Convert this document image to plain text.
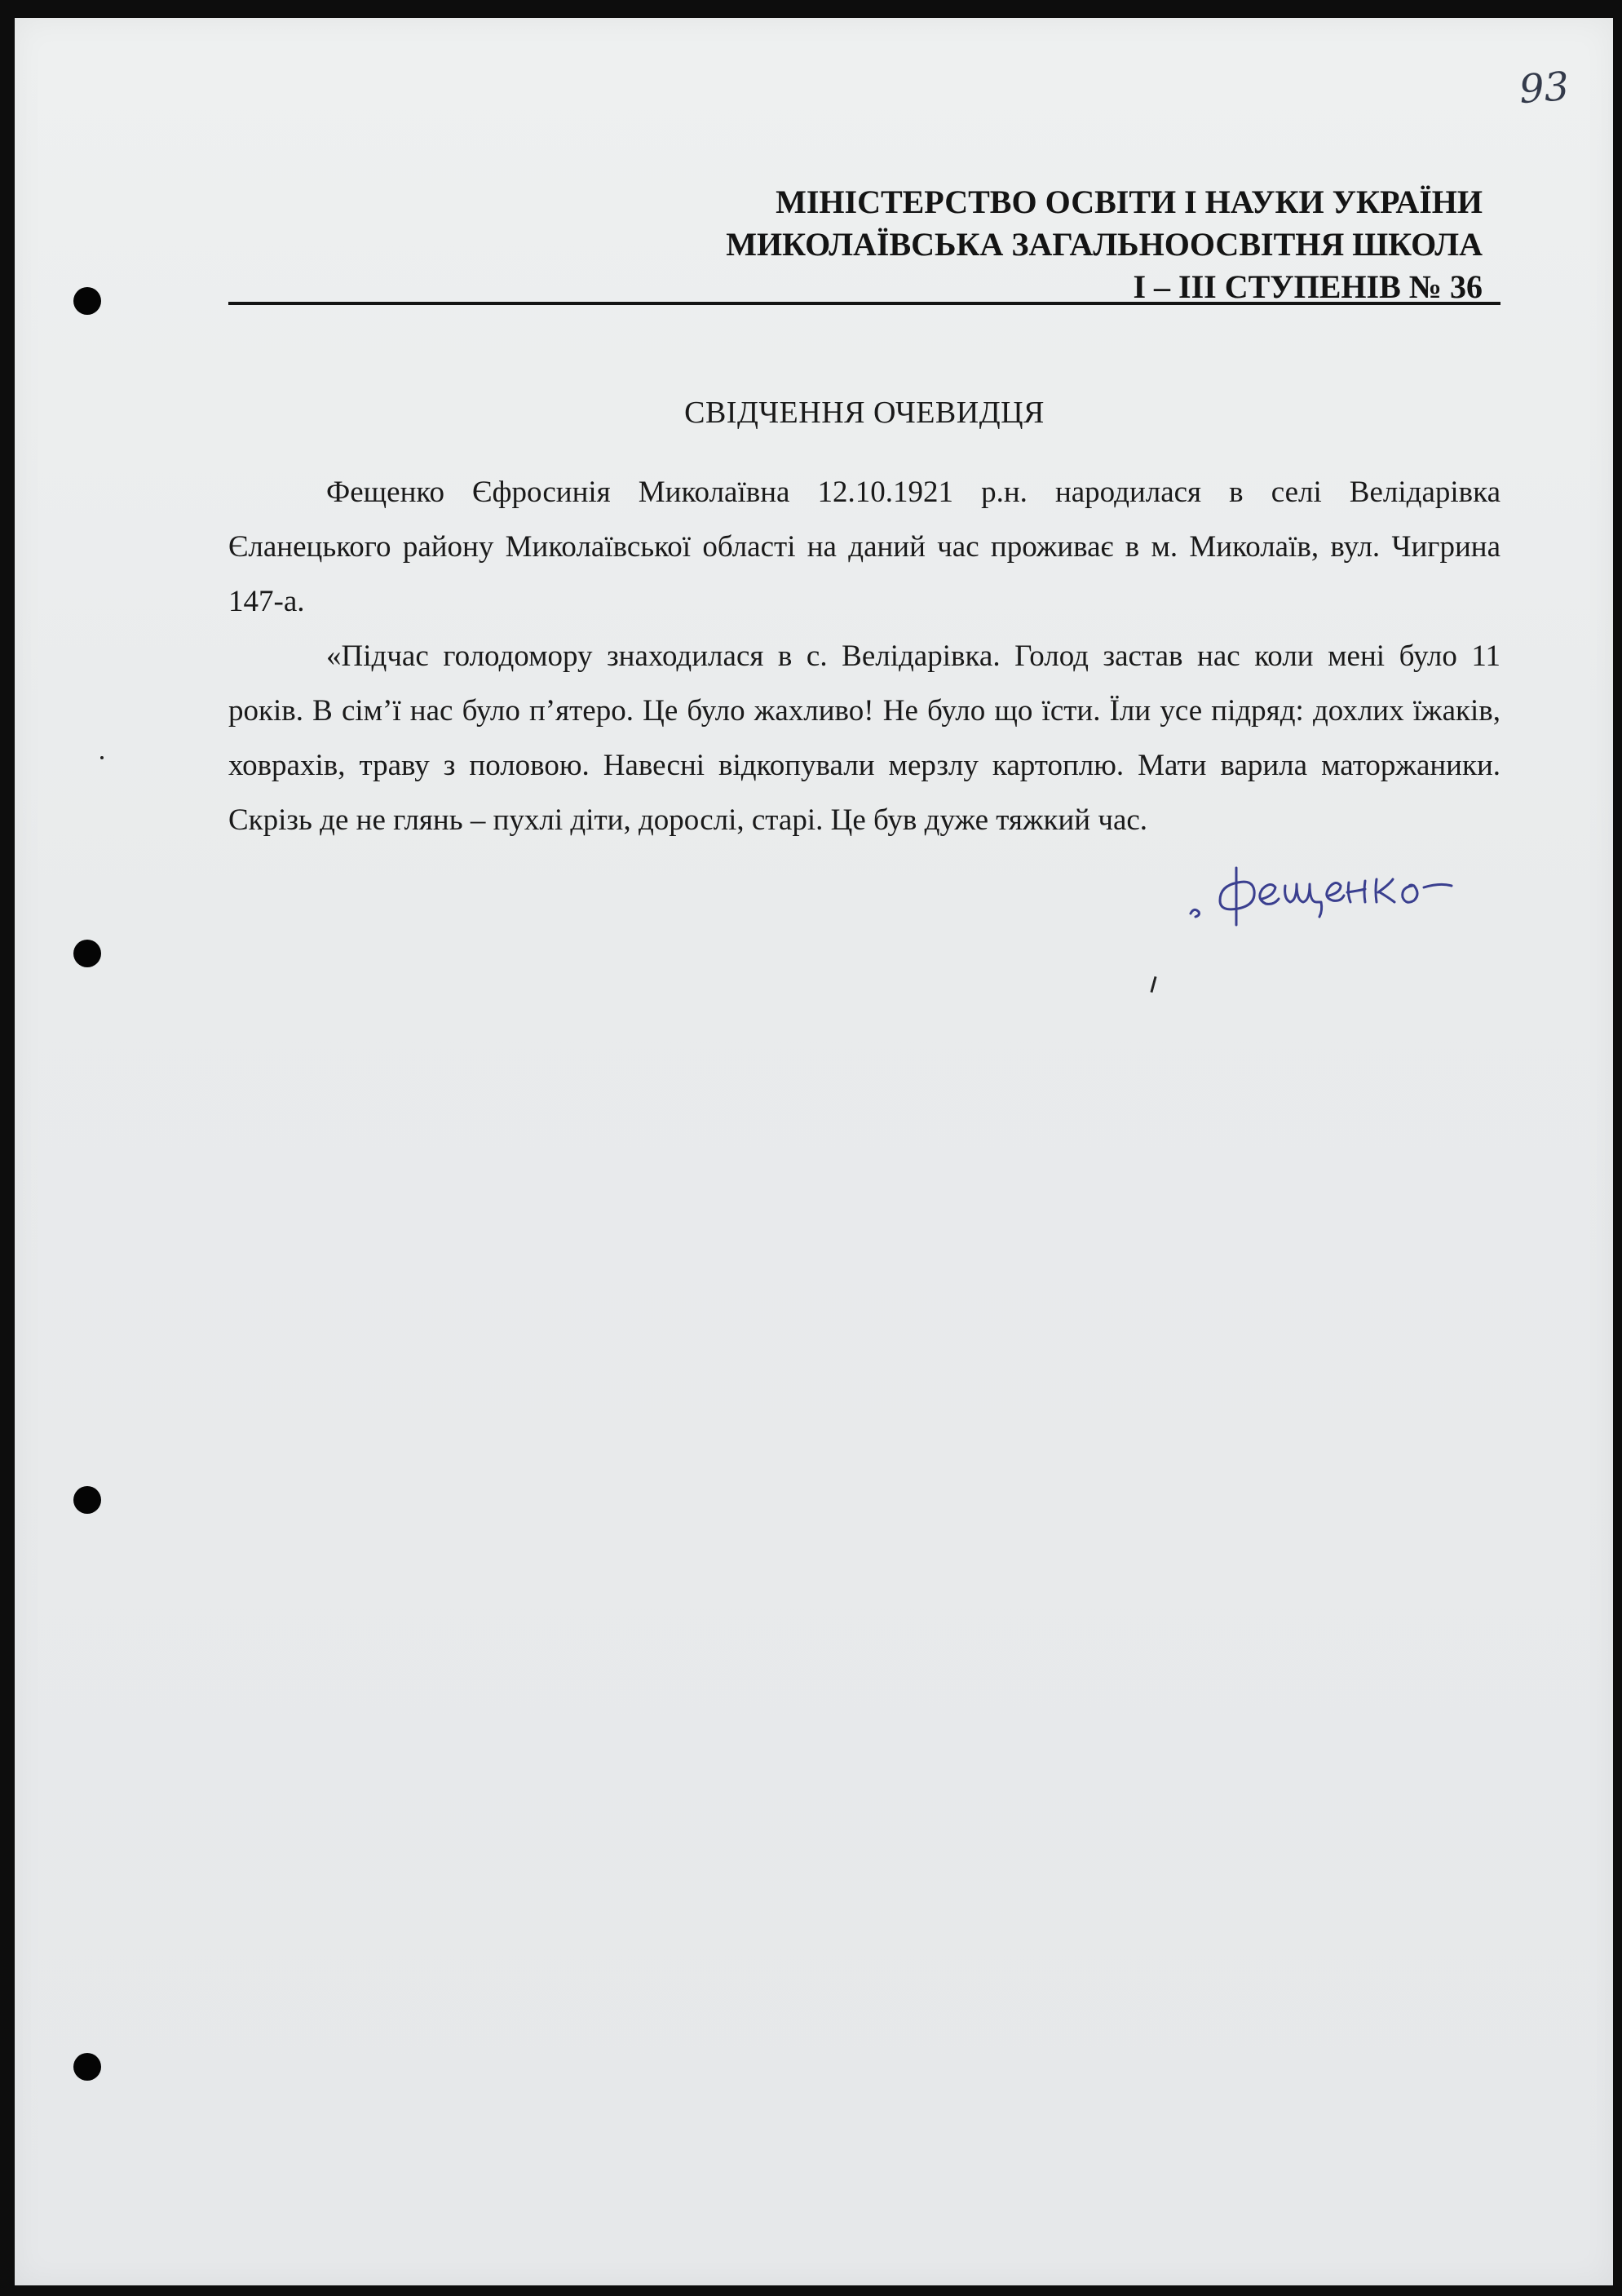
93
МІНІСТЕРСТВО ОСВІТИ І НАУКИ УКРАЇНИ
МИКОЛАЇВСЬКА ЗАГАЛЬНООСВІТНЯ ШКОЛА
І – ІІІ СТУПЕНІВ № 36
СВІДЧЕННЯ ОЧЕВИДЦЯ

Фещенко Єфросинія Миколаївна 12.10.1921 р.н. народилася в селі Велідарівка Єланецького району Миколаївської області на даний час проживає в м. Миколаїв, вул. Чигрина 147-а.

«Підчас голодомору знаходилася в с. Велідарівка. Голод застав нас коли мені було 11 років. В сім’ї нас було п’ятеро. Це було жахливо! Не було що їсти. Їли усе підряд: дохлих їжаків, ховрахів, траву з половою. Навесні відкопували мерзлу картоплю. Мати варила маторжаники. Скрізь де не глянь – пухлі діти, дорослі, старі. Це був дуже тяжкий час.
